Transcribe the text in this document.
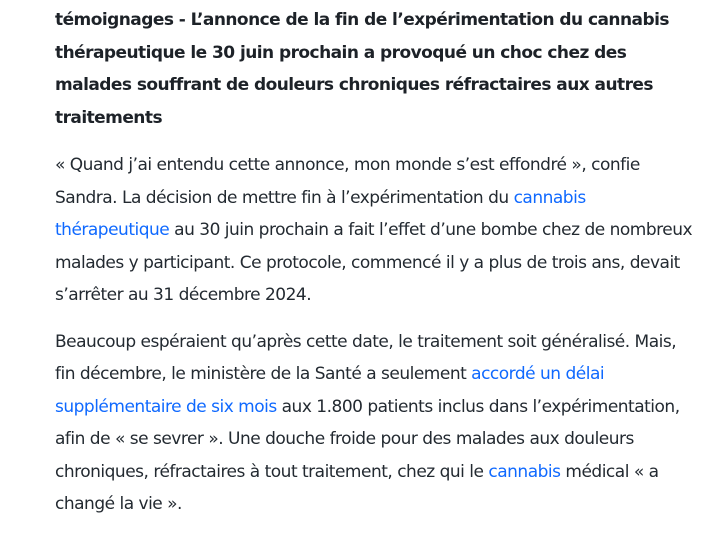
témoignages - L’annonce de la fin de l’expérimentation du cannabis thérapeutique le 30 juin prochain a provoqué un choc chez des malades souffrant de douleurs chroniques réfractaires aux autres traitements

« Quand j’ai entendu cette annonce, mon monde s’est effondré », confie Sandra. La décision de mettre fin à l’expérimentation du cannabis thérapeutique au 30 juin prochain a fait l’effet d’une bombe chez de nombreux malades y participant. Ce protocole, commencé il y a plus de trois ans, devait s’arrêter au 31 décembre 2024.

Beaucoup espéraient qu’après cette date, le traitement soit généralisé. Mais, fin décembre, le ministère de la Santé a seulement accordé un délai supplémentaire de six mois aux 1.800 patients inclus dans l’expérimentation, afin de « se sevrer ». Une douche froide pour des malades aux douleurs chroniques, réfractaires à tout traitement, chez qui le cannabis médical « a changé la vie ».
